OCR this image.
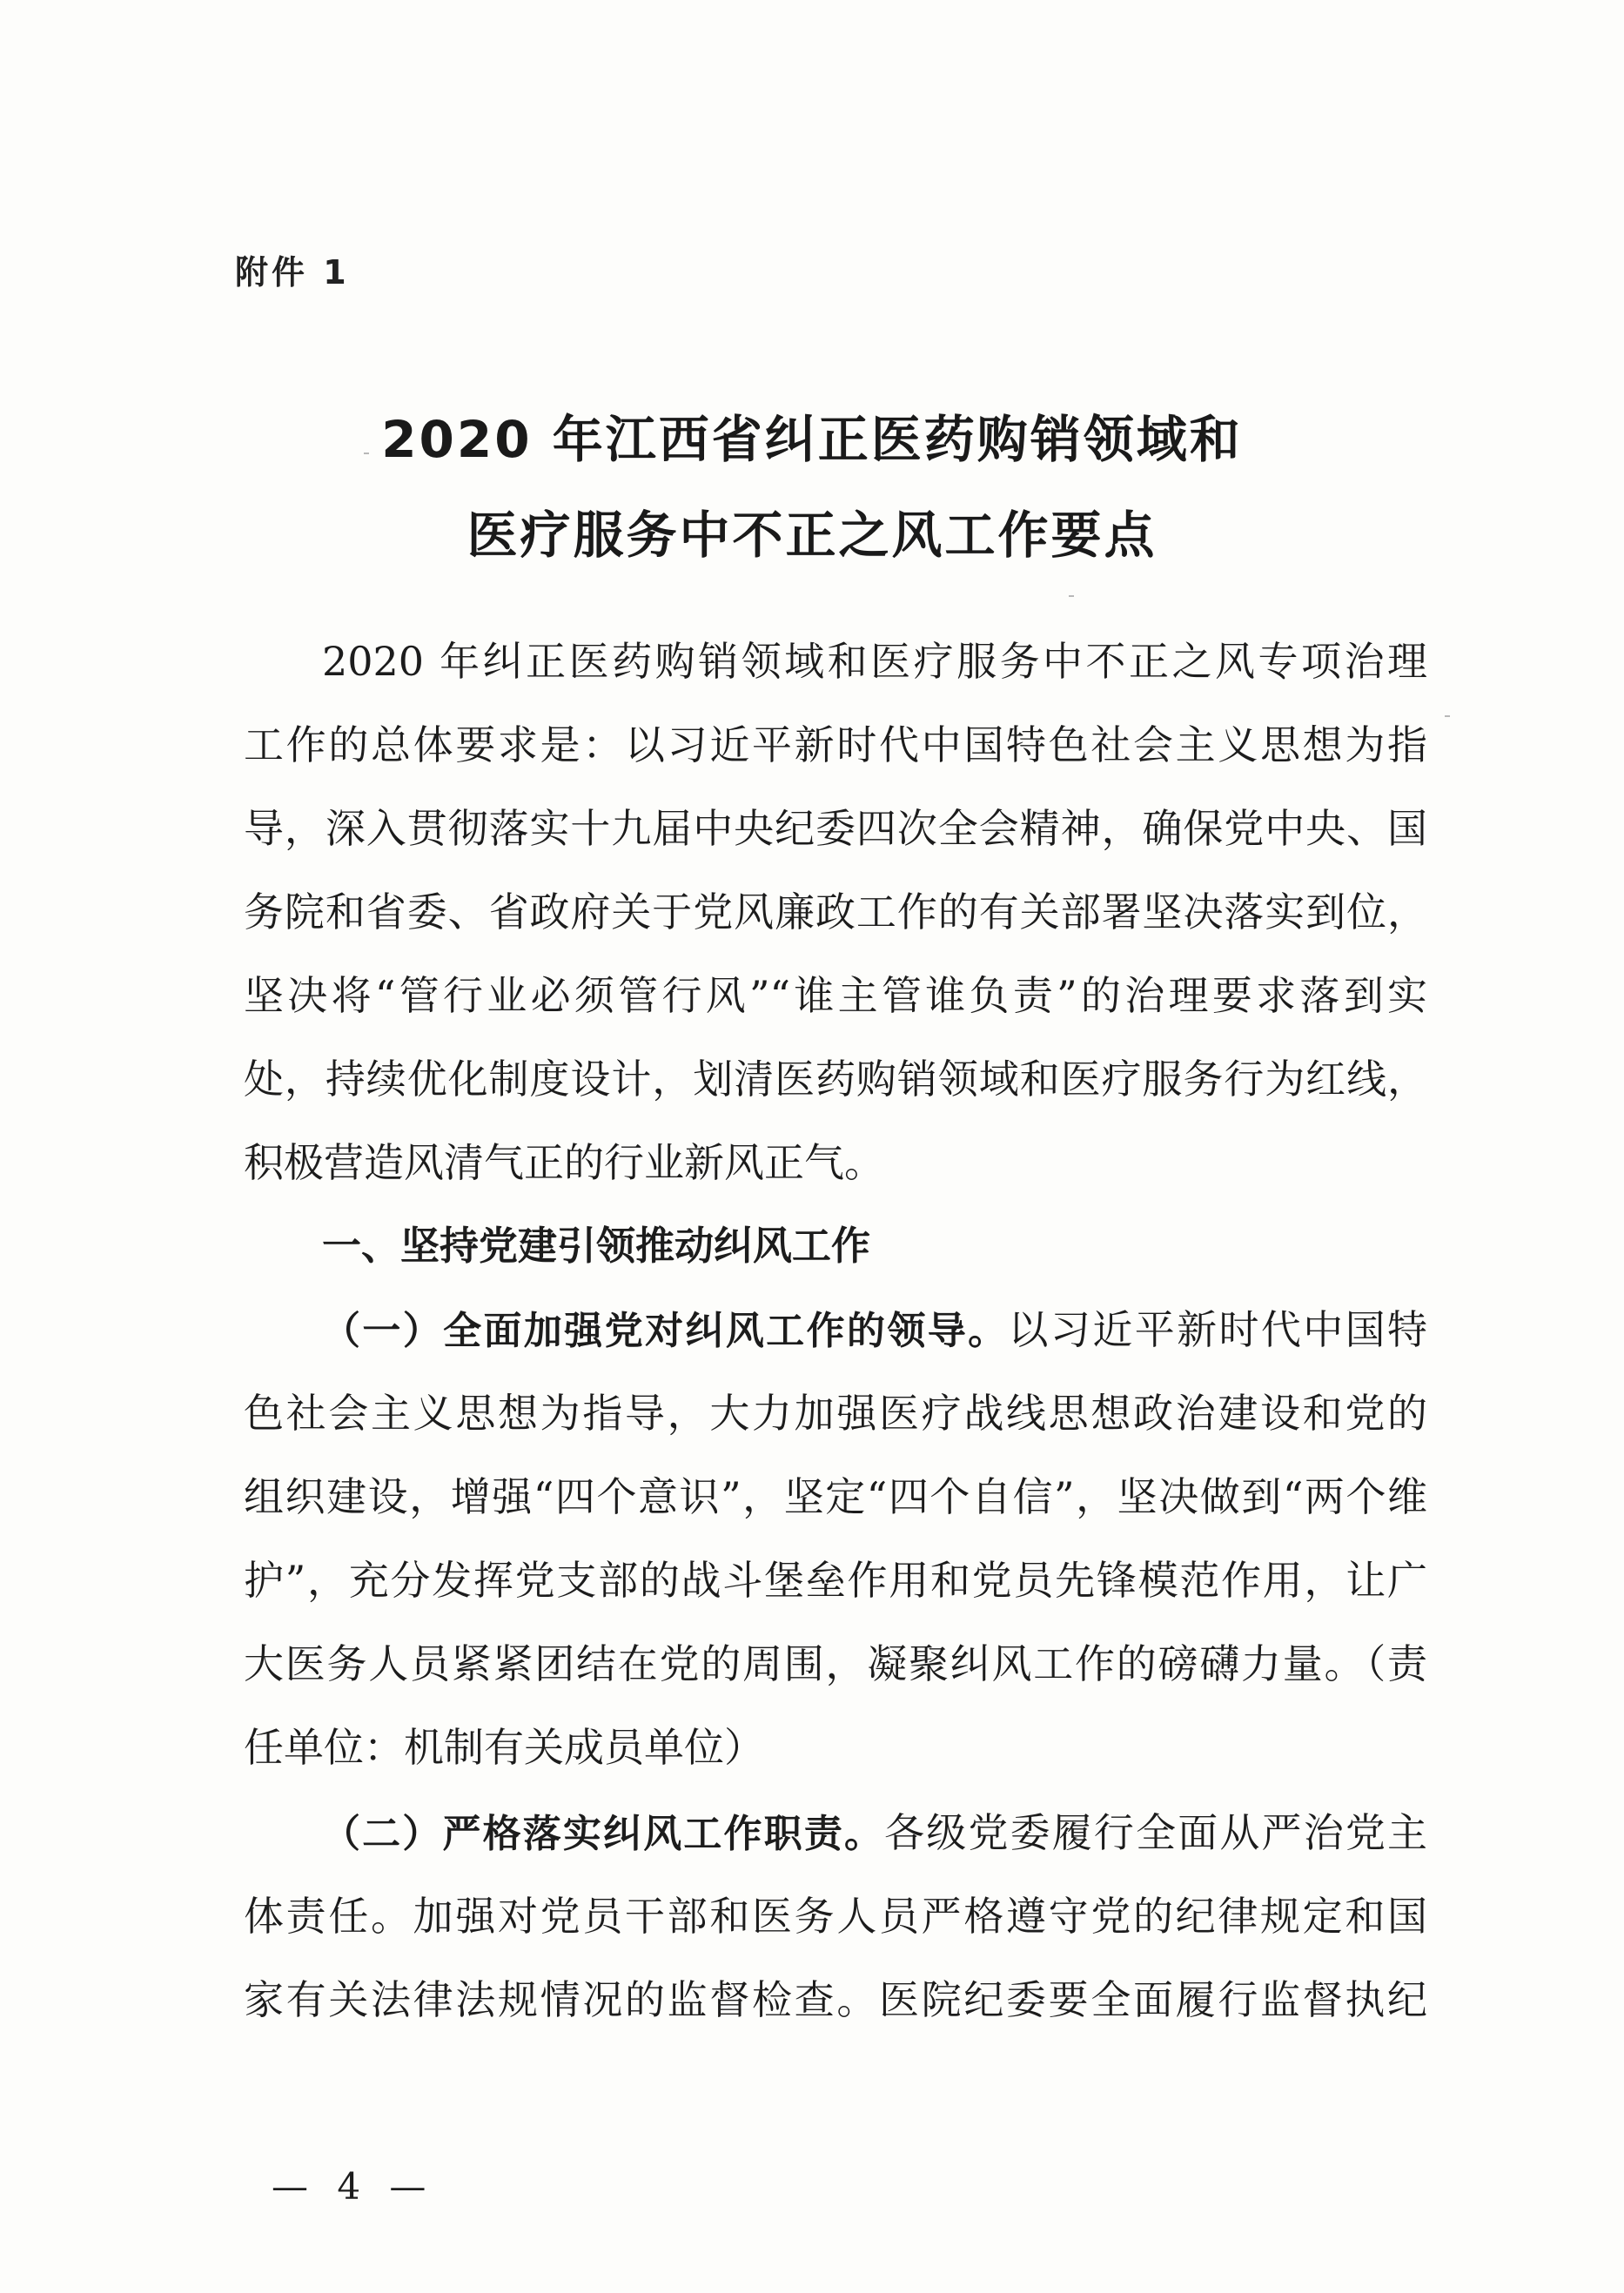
附件 1
2020 年江西省纠正医药购销领域和
医疗服务中不正之风工作要点
2020 年纠正医药购销领域和医疗服务中不正之风专项治理
工作的总体要求是：以习近平新时代中国特色社会主义思想为指
导，深入贯彻落实十九届中央纪委四次全会精神，确保党中央、国
务院和省委、省政府关于党风廉政工作的有关部署坚决落实到位，
坚决将“管行业必须管行风”“谁主管谁负责”的治理要求落到实
处，持续优化制度设计，划清医药购销领域和医疗服务行为红线，
积极营造风清气正的行业新风正气。
一、坚持党建引领推动纠风工作
（一）全面加强党对纠风工作的领导。以习近平新时代中国特
色社会主义思想为指导，大力加强医疗战线思想政治建设和党的
组织建设，增强“四个意识”，坚定“四个自信”，坚决做到“两个维
护”，充分发挥党支部的战斗堡垒作用和党员先锋模范作用，让广
大医务人员紧紧团结在党的周围，凝聚纠风工作的磅礴力量。（责
任单位：机制有关成员单位）
（二）严格落实纠风工作职责。各级党委履行全面从严治党主
体责任。加强对党员干部和医务人员严格遵守党的纪律规定和国
家有关法律法规情况的监督检查。医院纪委要全面履行监督执纪
— 4 —
